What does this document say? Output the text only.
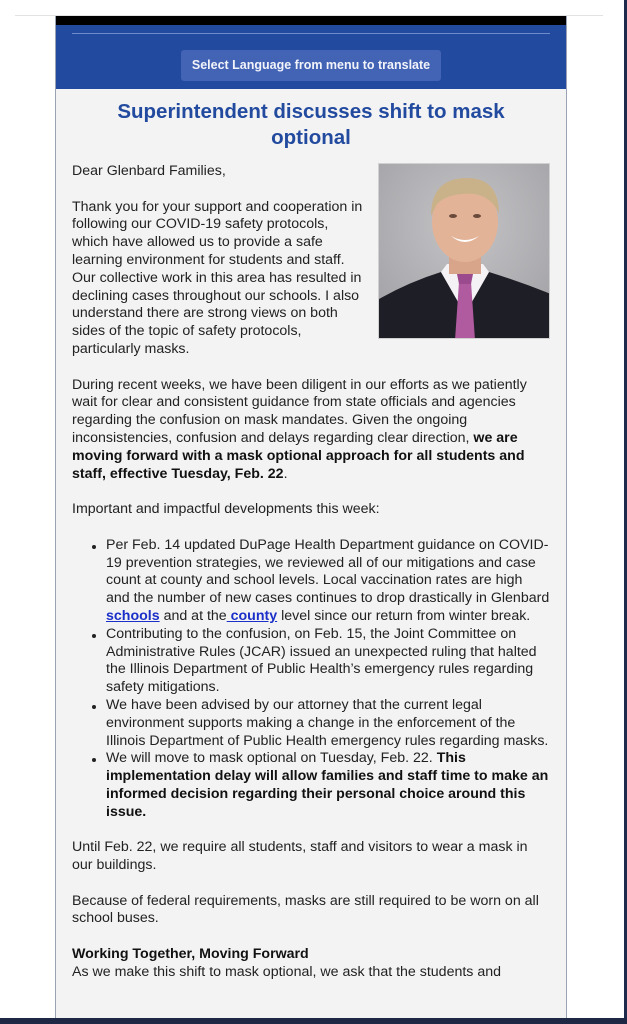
Select Language from menu to translate
Superintendent discusses shift to mask optional

Dear Glenbard Families,

Thank you for your support and cooperation in following our COVID-19 safety protocols, which have allowed us to provide a safe learning environment for students and staff. Our collective work in this area has resulted in declining cases throughout our schools. I also understand there are strong views on both sides of the topic of safety protocols, particularly masks.

During recent weeks, we have been diligent in our efforts as we patiently wait for clear and consistent guidance from state officials and agencies regarding the confusion on mask mandates. Given the ongoing inconsistencies, confusion and delays regarding clear direction, we are moving forward with a mask optional approach for all students and staff, effective Tuesday, Feb. 22.

Important and impactful developments this week:

Per Feb. 14 updated DuPage Health Department guidance on COVID-19 prevention strategies, we reviewed all of our mitigations and case count at county and school levels. Local vaccination rates are high and the number of new cases continues to drop drastically in Glenbard schools and at the county level since our return from winter break.
Contributing to the confusion, on Feb. 15, the Joint Committee on Administrative Rules (JCAR) issued an unexpected ruling that halted the Illinois Department of Public Health’s emergency rules regarding safety mitigations.
We have been advised by our attorney that the current legal environment supports making a change in the enforcement of the Illinois Department of Public Health emergency rules regarding masks.
We will move to mask optional on Tuesday, Feb. 22. This implementation delay will allow families and staff time to make an informed decision regarding their personal choice around this issue.

Until Feb. 22, we require all students, staff and visitors to wear a mask in our buildings.

Because of federal requirements, masks are still required to be worn on all school buses.

Working Together, Moving Forward

As we make this shift to mask optional, we ask that the students and
